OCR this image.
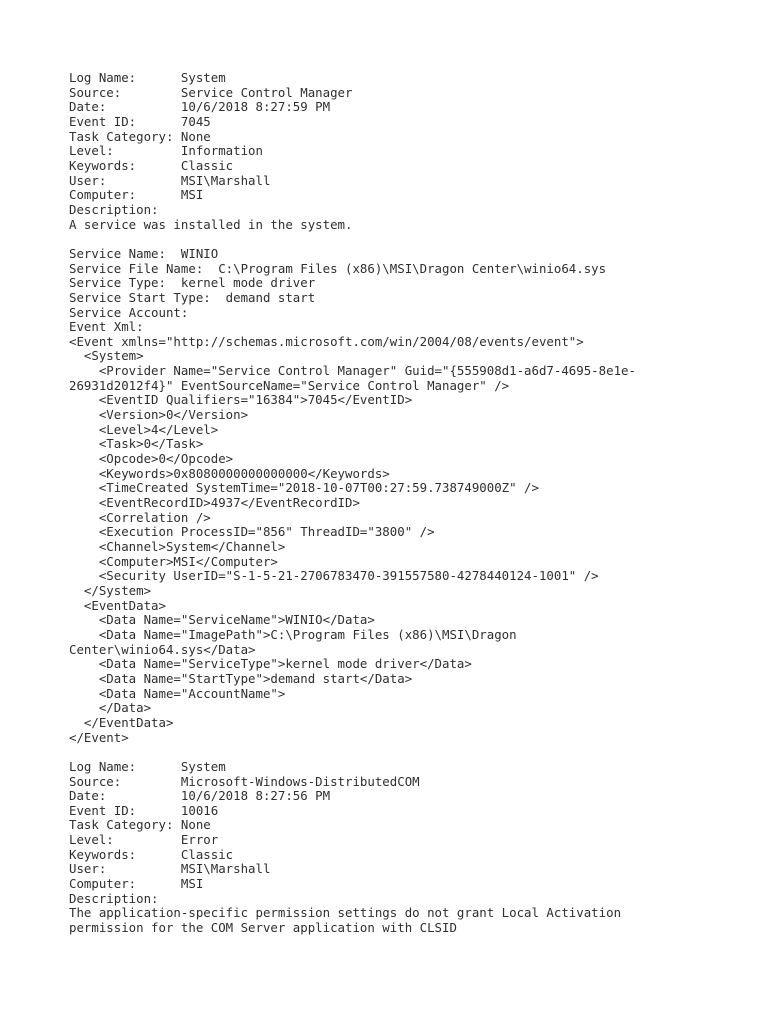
Log Name:      System
Source:        Service Control Manager
Date:          10/6/2018 8:27:59 PM
Event ID:      7045
Task Category: None
Level:         Information
Keywords:      Classic
User:          MSI\Marshall
Computer:      MSI
Description:
A service was installed in the system.

Service Name:  WINIO
Service File Name:  C:\Program Files (x86)\MSI\Dragon Center\winio64.sys
Service Type:  kernel mode driver
Service Start Type:  demand start
Service Account:
Event Xml:
<Event xmlns="http://schemas.microsoft.com/win/2004/08/events/event">
<System>
<Provider Name="Service Control Manager" Guid="{555908d1-a6d7-4695-8e1e-
26931d2012f4}" EventSourceName="Service Control Manager" />
<EventID Qualifiers="16384">7045</EventID>
<Version>0</Version>
<Level>4</Level>
<Task>0</Task>
<Opcode>0</Opcode>
<Keywords>0x8080000000000000</Keywords>
<TimeCreated SystemTime="2018-10-07T00:27:59.738749000Z" />
<EventRecordID>4937</EventRecordID>
<Correlation />
<Execution ProcessID="856" ThreadID="3800" />
<Channel>System</Channel>
<Computer>MSI</Computer>
<Security UserID="S-1-5-21-2706783470-391557580-4278440124-1001" />
</System>
<EventData>
<Data Name="ServiceName">WINIO</Data>
<Data Name="ImagePath">C:\Program Files (x86)\MSI\Dragon
Center\winio64.sys</Data>
<Data Name="ServiceType">kernel mode driver</Data>
<Data Name="StartType">demand start</Data>
<Data Name="AccountName">
</Data>
</EventData>
</Event>

Log Name:      System
Source:        Microsoft-Windows-DistributedCOM
Date:          10/6/2018 8:27:56 PM
Event ID:      10016
Task Category: None
Level:         Error
Keywords:      Classic
User:          MSI\Marshall
Computer:      MSI
Description:
The application-specific permission settings do not grant Local Activation
permission for the COM Server application with CLSID
